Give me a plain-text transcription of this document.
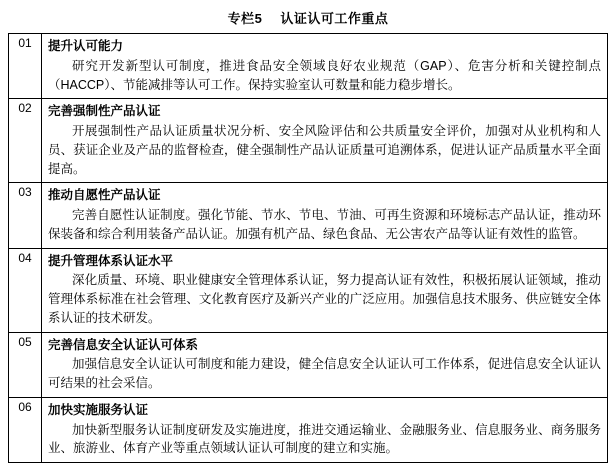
专栏5 认证认可工作重点
01	提升认可能力

研究开发新型认可制度，推进食品安全领域良好农业规范（GAP）、危害分析和关键控制点（HACCP）、节能减排等认可工作。保持实验室认可数量和能力稳步增长。

02	完善强制性产品认证

开展强制性产品认证质量状况分析、安全风险评估和公共质量安全评价，加强对从业机构和人员、获证企业及产品的监督检查，健全强制性产品认证质量可追溯体系，促进认证产品质量水平全面提高。

03	推动自愿性产品认证

完善自愿性认证制度。强化节能、节水、节电、节油、可再生资源和环境标志产品认证，推动环保装备和综合利用装备产品认证。加强有机产品、绿色食品、无公害农产品等认证有效性的监管。

04	提升管理体系认证水平

深化质量、环境、职业健康安全管理体系认证，努力提高认证有效性，积极拓展认证领域，推动管理体系标准在社会管理、文化教育医疗及新兴产业的广泛应用。加强信息技术服务、供应链安全体系认证的技术研发。

05	完善信息安全认证认可体系

加强信息安全认证认可制度和能力建设，健全信息安全认证认可工作体系，促进信息安全认证认可结果的社会采信。

06	加快实施服务认证

加快新型服务认证制度研发及实施进度，推进交通运输业、金融服务业、信息服务业、商务服务业、旅游业、体育产业等重点领域认证认可制度的建立和实施。
